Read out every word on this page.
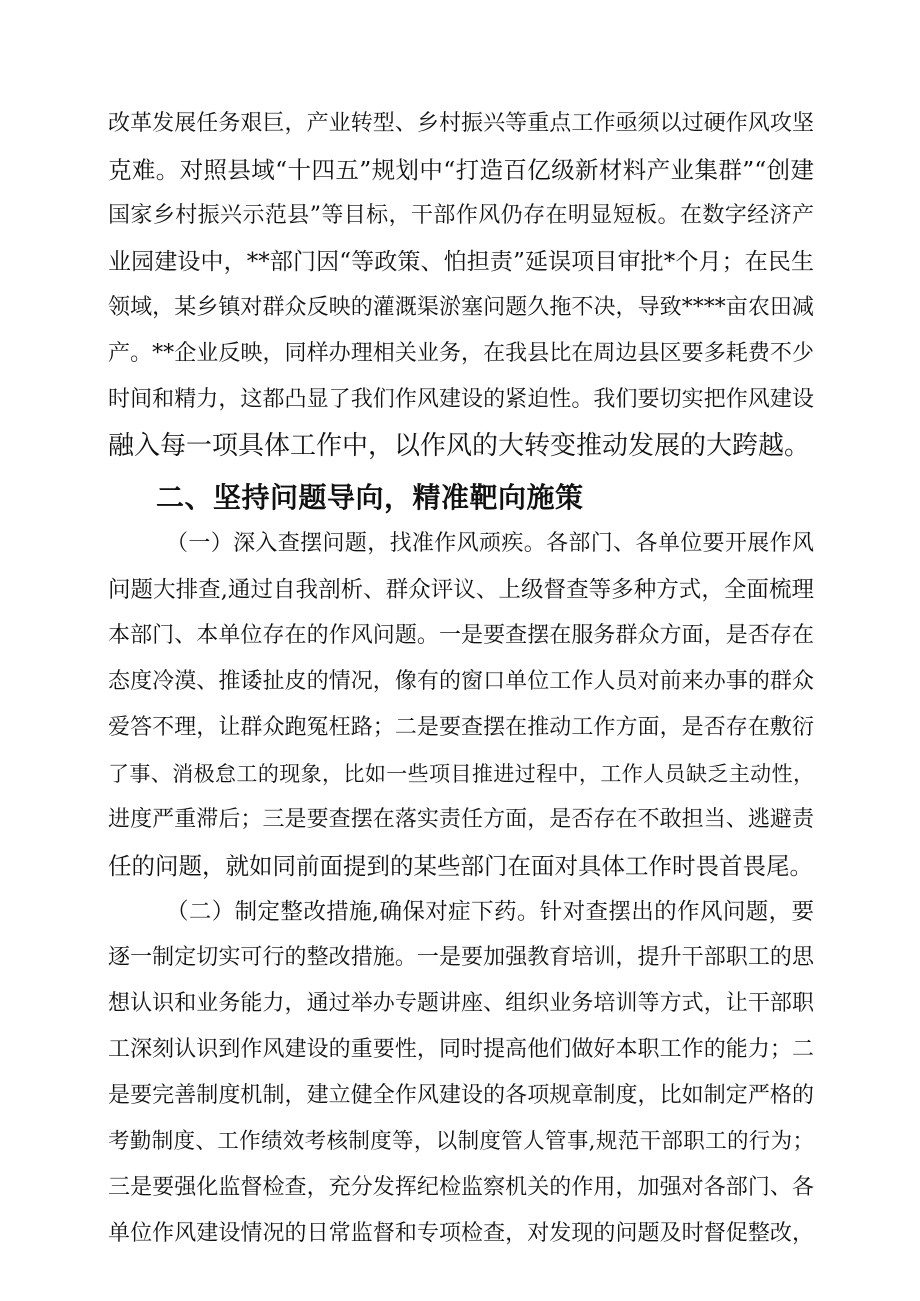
改革发展任务艰巨，产业转型、乡村振兴等重点工作亟须以过硬作风攻坚
克难。对照县域“十四五”规划中“打造百亿级新材料产业集群”“创建
国家乡村振兴示范县”等目标，干部作风仍存在明显短板。在数字经济产
业园建设中，**部门因“等政策、怕担责”延误项目审批*个月；在民生
领域，某乡镇对群众反映的灌溉渠淤塞问题久拖不决，导致****亩农田减
产。**企业反映，同样办理相关业务，在我县比在周边县区要多耗费不少
时间和精力，这都凸显了我们作风建设的紧迫性。我们要切实把作风建设
融入每一项具体工作中，以作风的大转变推动发展的大跨越。
二、坚持问题导向，精准靶向施策
（一）深入查摆问题，找准作风顽疾。各部门、各单位要开展作风
问题大排查,通过自我剖析、群众评议、上级督查等多种方式，全面梳理
本部门、本单位存在的作风问题。一是要查摆在服务群众方面，是否存在
态度冷漠、推诿扯皮的情况，像有的窗口单位工作人员对前来办事的群众
爱答不理，让群众跑冤枉路；二是要查摆在推动工作方面，是否存在敷衍
了事、消极怠工的现象，比如一些项目推进过程中，工作人员缺乏主动性，
进度严重滞后；三是要查摆在落实责任方面，是否存在不敢担当、逃避责
任的问题，就如同前面提到的某些部门在面对具体工作时畏首畏尾。
（二）制定整改措施,确保对症下药。针对查摆出的作风问题，要
逐一制定切实可行的整改措施。一是要加强教育培训，提升干部职工的思
想认识和业务能力，通过举办专题讲座、组织业务培训等方式，让干部职
工深刻认识到作风建设的重要性，同时提高他们做好本职工作的能力；二
是要完善制度机制，建立健全作风建设的各项规章制度，比如制定严格的
考勤制度、工作绩效考核制度等，以制度管人管事,规范干部职工的行为；
三是要强化监督检查，充分发挥纪检监察机关的作用，加强对各部门、各
单位作风建设情况的日常监督和专项检查，对发现的问题及时督促整改，
